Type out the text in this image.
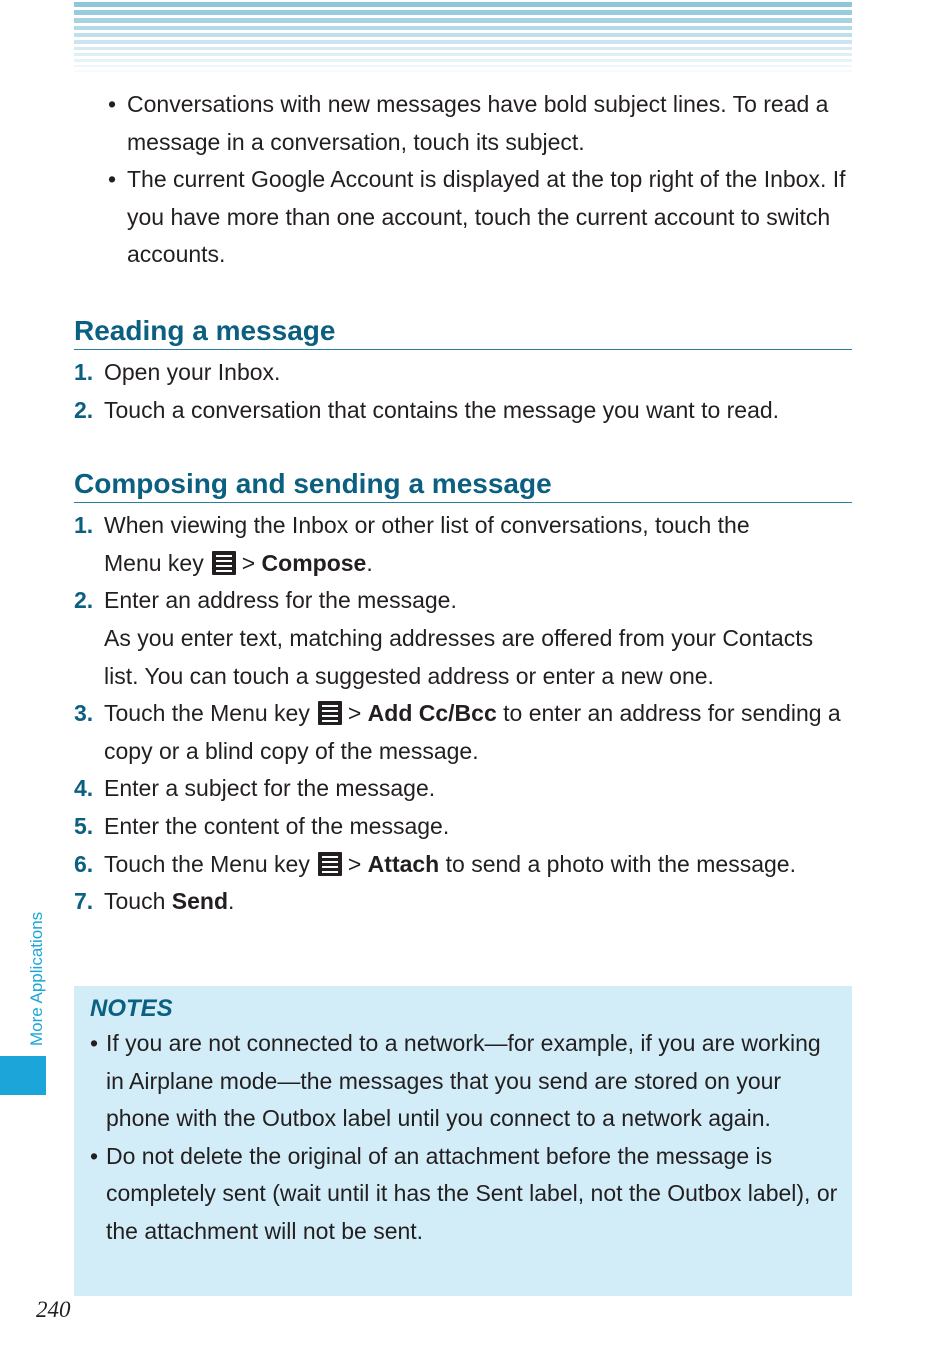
• Conversations with new messages have bold subject lines. To read a message in a conversation, touch its subject.
• The current Google Account is displayed at the top right of the Inbox. If you have more than one account, touch the current account to switch accounts.
Reading a message
1. Open your Inbox.
2. Touch a conversation that contains the message you want to read.
Composing and sending a message
1. When viewing the Inbox or other list of conversations, touch the
Menu key > Compose.
2. Enter an address for the message.
As you enter text, matching addresses are offered from your Contacts list. You can touch a suggested address or enter a new one.
3. Touch the Menu key > Add Cc/Bcc to enter an address for sending a copy or a blind copy of the message.
4. Enter a subject for the message.
5. Enter the content of the message.
6. Touch the Menu key > Attach to send a photo with the message.
7. Touch Send.
NOTES
• If you are not connected to a network—for example, if you are working in Airplane mode—the messages that you send are stored on your phone with the Outbox label until you connect to a network again.
• Do not delete the original of an attachment before the message is completely sent (wait until it has the Sent label, not the Outbox label), or the attachment will not be sent.
More Applications
240
